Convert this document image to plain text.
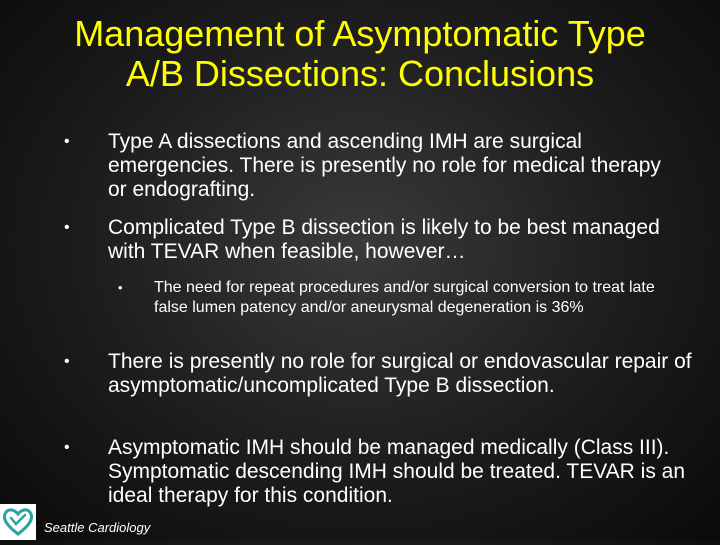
Management of Asymptomatic Type
A/B Dissections: Conclusions
• Type A dissections and ascending IMH are surgical emergencies. There is presently no role for medical therapy or endografting.
• Complicated Type B dissection is likely to be best managed with TEVAR when feasible, however…
• The need for repeat procedures and/or surgical conversion to treat late false lumen patency and/or aneurysmal degeneration is 36%
• There is presently no role for surgical or endovascular repair of asymptomatic/uncomplicated Type B dissection.
• Asymptomatic IMH should be managed medically (Class III). Symptomatic descending IMH should be treated. TEVAR is an ideal therapy for this condition.
Seattle Cardiology
